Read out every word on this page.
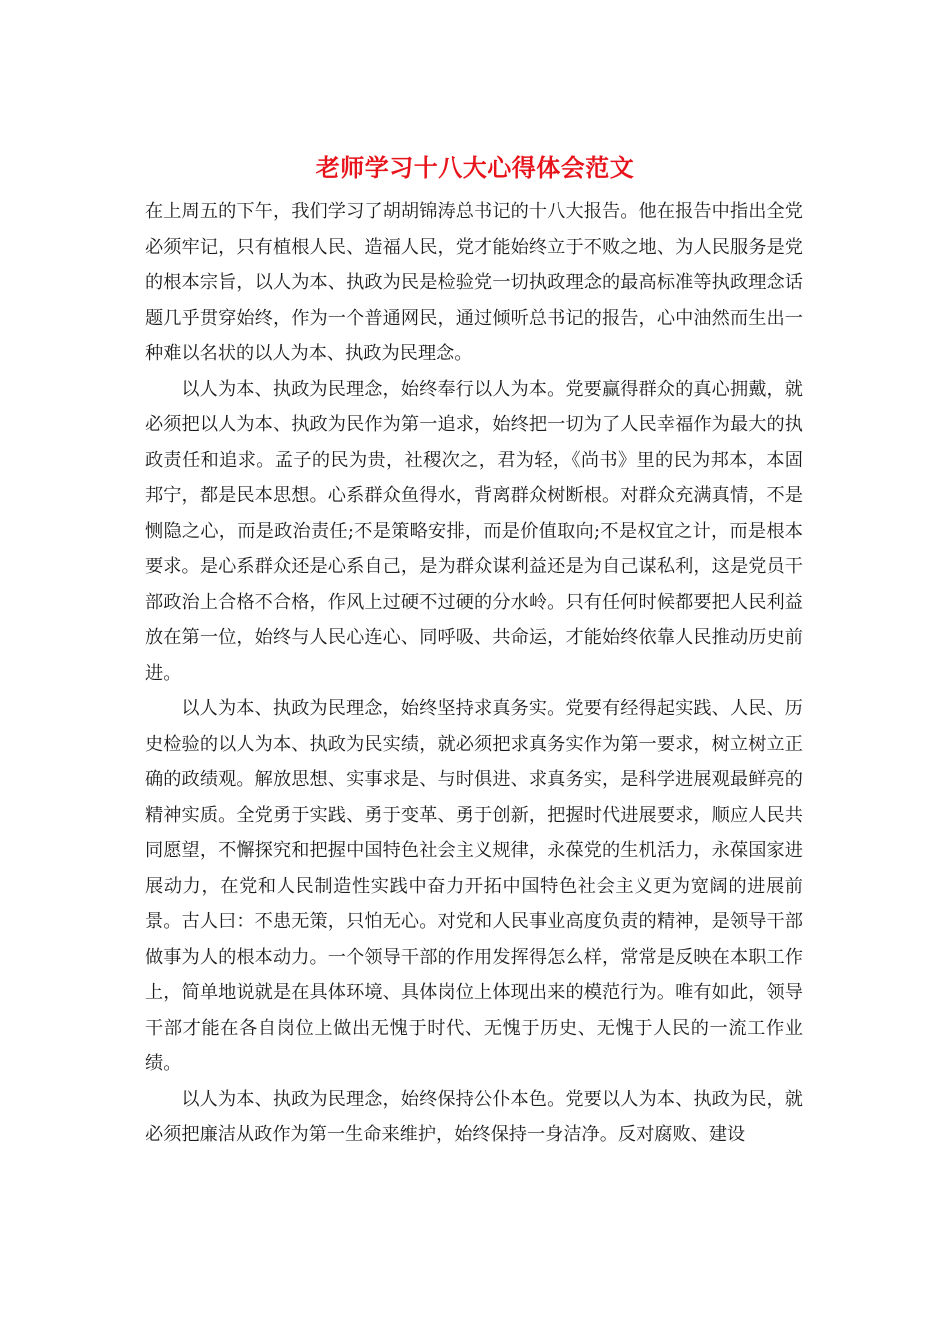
老师学习十八大心得体会范文

在上周五的下午，我们学习了胡胡锦涛总书记的十八大报告。他在报告中指出全党必须牢记，只有植根人民、造福人民，党才能始终立于不败之地、为人民服务是党的根本宗旨，以人为本、执政为民是检验党一切执政理念的最高标准等执政理念话题几乎贯穿始终，作为一个普通网民，通过倾听总书记的报告，心中油然而生出一种难以名状的以人为本、执政为民理念。

以人为本、执政为民理念，始终奉行以人为本。党要赢得群众的真心拥戴，就必须把以人为本、执政为民作为第一追求，始终把一切为了人民幸福作为最大的执政责任和追求。孟子的民为贵，社稷次之，君为轻，《尚书》里的民为邦本，本固邦宁，都是民本思想。心系群众鱼得水，背离群众树断根。对群众充满真情，不是恻隐之心，而是政治责任;不是策略安排，而是价值取向;不是权宜之计，而是根本要求。是心系群众还是心系自己，是为群众谋利益还是为自己谋私利，这是党员干部政治上合格不合格，作风上过硬不过硬的分水岭。只有任何时候都要把人民利益放在第一位，始终与人民心连心、同呼吸、共命运，才能始终依靠人民推动历史前进。

以人为本、执政为民理念，始终坚持求真务实。党要有经得起实践、人民、历史检验的以人为本、执政为民实绩，就必须把求真务实作为第一要求，树立树立正确的政绩观。解放思想、实事求是、与时俱进、求真务实，是科学进展观最鲜亮的精神实质。全党勇于实践、勇于变革、勇于创新，把握时代进展要求，顺应人民共同愿望，不懈探究和把握中国特色社会主义规律，永葆党的生机活力，永葆国家进展动力，在党和人民制造性实践中奋力开拓中国特色社会主义更为宽阔的进展前景。古人曰：不患无策，只怕无心。对党和人民事业高度负责的精神，是领导干部做事为人的根本动力。一个领导干部的作用发挥得怎么样，常常是反映在本职工作上，简单地说就是在具体环境、具体岗位上体现出来的模范行为。唯有如此，领导干部才能在各自岗位上做出无愧于时代、无愧于历史、无愧于人民的一流工作业绩。

以人为本、执政为民理念，始终保持公仆本色。党要以人为本、执政为民，就必须把廉洁从政作为第一生命来维护，始终保持一身洁净。反对腐败、建设
